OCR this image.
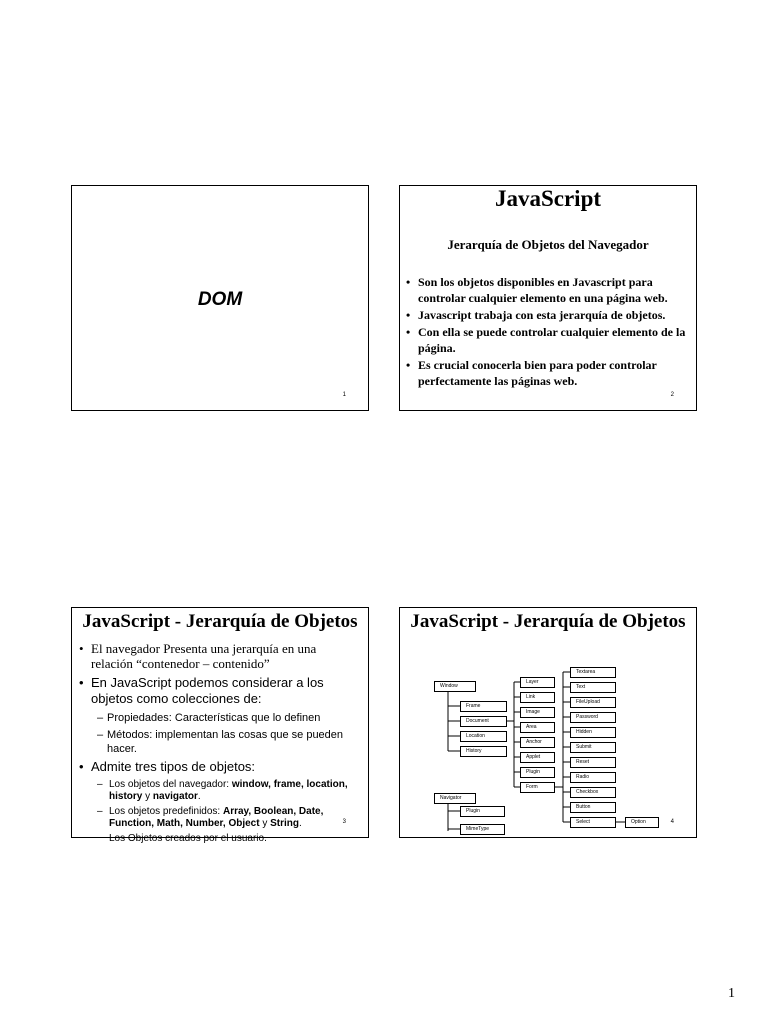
DOM
1
JavaScript
Jerarquía de Objetos del Navegador
• Son los objetos disponibles en Javascript para controlar cualquier elemento en una página web.
• Javascript trabaja con esta jerarquía de objetos.
• Con ella se puede controlar cualquier elemento de la página.
• Es crucial conocerla bien para poder controlar perfectamente las páginas web.
2
JavaScript - Jerarquía de Objetos
• El navegador Presenta una jerarquía en una relación “contenedor – contenido”
• En JavaScript podemos considerar a los objetos como colecciones de:
– Propiedades: Características que lo definen
– Métodos: implementan las cosas que se pueden hacer.
• Admite tres tipos de objetos:
– Los objetos del navegador: window, frame, location, history y navigator.
– Los objetos predefinidos: Array, Boolean, Date, Function, Math, Number, Object y String.
Los Objetos creados por el usuario.
3
JavaScript - Jerarquía de Objetos
Window
Navigator
Frame
Document
Location
History
Plugin
MimeType
Layer
Link
Image
Area
Anchor
Applet
Plugin
Form
Textarea
Text
FileUpload
Password
Hidden
Submit
Reset
Radio
Checkbox
Button
Select	Option	4
1
